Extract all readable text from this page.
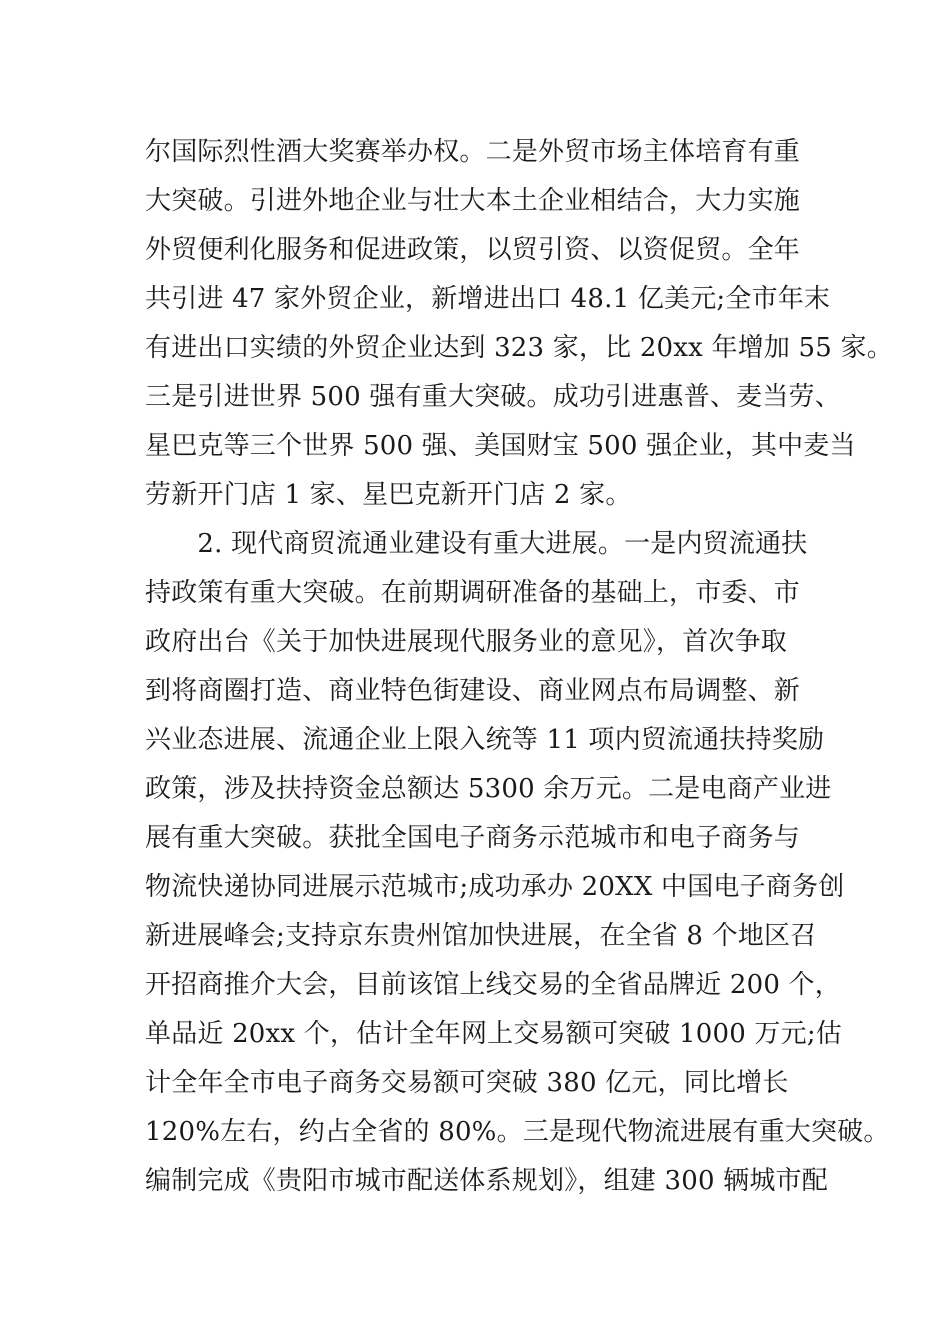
尔国际烈性酒大奖赛举办权。二是外贸市场主体培育有重
大突破。引进外地企业与壮大本土企业相结合，大力实施
外贸便利化服务和促进政策，以贸引资、以资促贸。全年
共引进 47 家外贸企业，新增进出口 48.1 亿美元;全市年末
有进出口实绩的外贸企业达到 323 家，比 20xx 年增加 55 家。
三是引进世界 500 强有重大突破。成功引进惠普、麦当劳、
星巴克等三个世界 500 强、美国财宝 500 强企业，其中麦当
劳新开门店 1 家、星巴克新开门店 2 家。
　　2. 现代商贸流通业建设有重大进展。一是内贸流通扶
持政策有重大突破。在前期调研准备的基础上，市委、市
政府出台《关于加快进展现代服务业的意见》，首次争取
到将商圈打造、商业特色街建设、商业网点布局调整、新
兴业态进展、流通企业上限入统等 11 项内贸流通扶持奖励
政策，涉及扶持资金总额达 5300 余万元。二是电商产业进
展有重大突破。获批全国电子商务示范城市和电子商务与
物流快递协同进展示范城市;成功承办 20XX 中国电子商务创
新进展峰会;支持京东贵州馆加快进展，在全省 8 个地区召
开招商推介大会，目前该馆上线交易的全省品牌近 200 个，
单品近 20xx 个，估计全年网上交易额可突破 1000 万元;估
计全年全市电子商务交易额可突破 380 亿元，同比增长
120%左右，约占全省的 80%。三是现代物流进展有重大突破。
编制完成《贵阳市城市配送体系规划》，组建 300 辆城市配
